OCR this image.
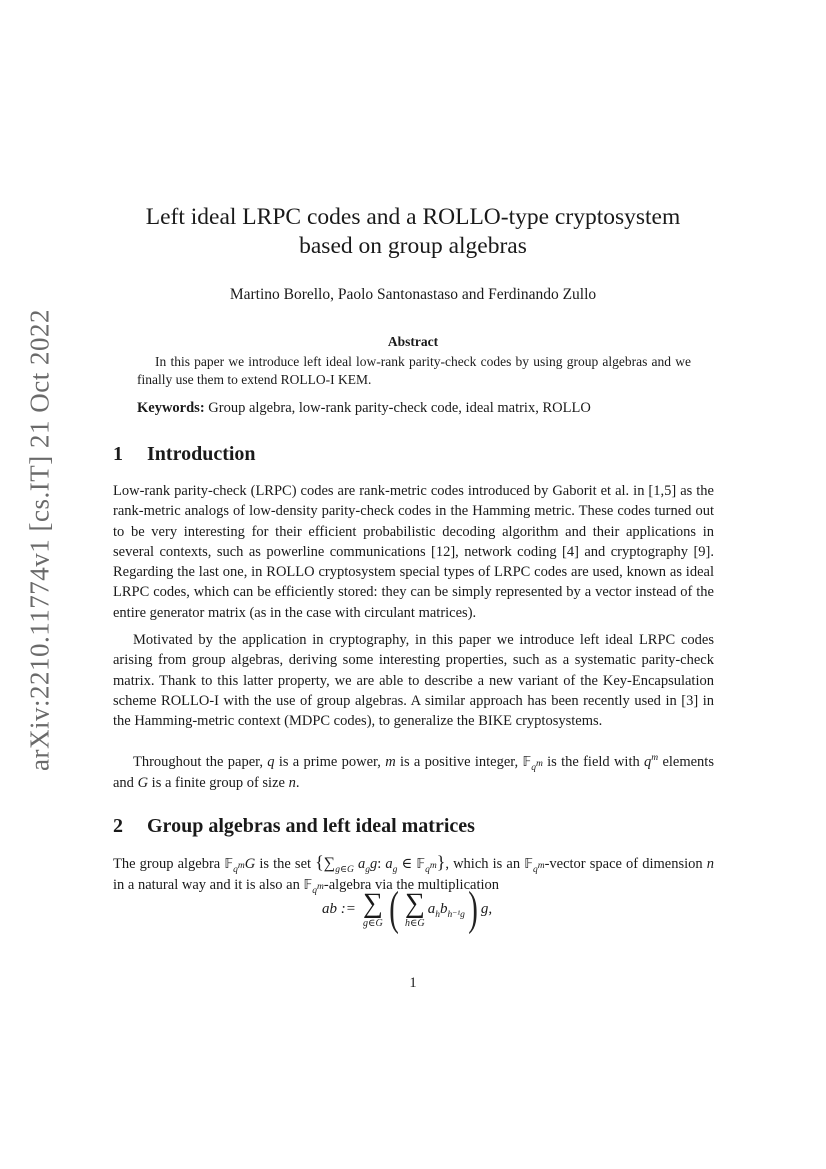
arXiv:2210.11774v1 [cs.IT] 21 Oct 2022
Left ideal LRPC codes and a ROLLO-type cryptosystem
based on group algebras
Martino Borello, Paolo Santonastaso and Ferdinando Zullo
Abstract
In this paper we introduce left ideal low-rank parity-check codes by using group algebras and we finally use them to extend ROLLO-I KEM.
Keywords: Group algebra, low-rank parity-check code, ideal matrix, ROLLO
1 Introduction
Low-rank parity-check (LRPC) codes are rank-metric codes introduced by Gaborit et al. in [1,5] as the rank-metric analogs of low-density parity-check codes in the Hamming metric. These codes turned out to be very interesting for their efficient probabilistic decoding algorithm and their applications in several contexts, such as powerline communications [12], network coding [4] and cryptography [9]. Regarding the last one, in ROLLO cryptosystem special types of LRPC codes are used, known as ideal LRPC codes, which can be efficiently stored: they can be simply represented by a vector instead of the entire generator matrix (as in the case with circulant matrices).
Motivated by the application in cryptography, in this paper we introduce left ideal LRPC codes arising from group algebras, deriving some interesting properties, such as a systematic parity-check matrix. Thank to this latter property, we are able to describe a new variant of the Key-Encapsulation scheme ROLLO-I with the use of group algebras. A similar approach has been recently used in [3] in the Hamming-metric context (MDPC codes), to generalize the BIKE cryptosystems.
Throughout the paper, q is a prime power, m is a positive integer, 𝔽$_{q^m}$ is the field with $q^m$ elements and G is a finite group of size n.
2 Group algebras and left ideal matrices
The group algebra 𝔽$_{q^m}$G is the set {$\sum_{g\in G}$ $a_gg$: $a_g$ ∈ 𝔽$_{q^m}$}, which is an 𝔽$_{q^m}$-vector space of dimension n in a natural way and it is also an 𝔽$_{q^m}$-algebra via the multiplication
ab := ∑
g∈G ( ∑
h∈G
$a_hb_{h^{-1}g}$ ) g,
1
